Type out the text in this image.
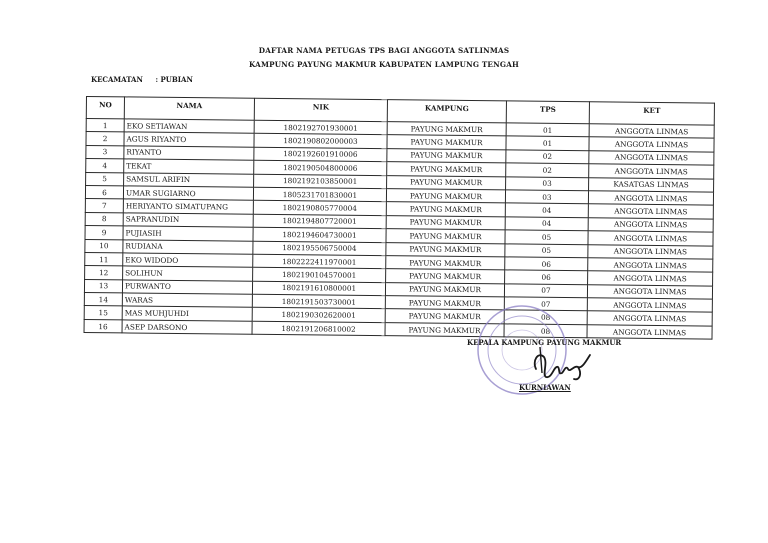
DAFTAR NAMA PETUGAS TPS BAGI ANGGOTA SATLINMAS
KAMPUNG PAYUNG MAKMUR KABUPATEN LAMPUNG TENGAH
KECAMATAN : PUBIAN
NO	NAMA	NIK	KAMPUNG	TPS	KET
1	EKO SETIAWAN	1802192701930001	PAYUNG MAKMUR	01	ANGGOTA LINMAS
2	AGUS RIYANTO	1802190802000003	PAYUNG MAKMUR	01	ANGGOTA LINMAS
3	RIYANTO	1802192601910006	PAYUNG MAKMUR	02	ANGGOTA LINMAS
4	TEKAT	1802190504800006	PAYUNG MAKMUR	02	ANGGOTA LINMAS
5	SAMSUL ARIFIN	1802192103850001	PAYUNG MAKMUR	03	KASATGAS LINMAS
6	UMAR SUGIARNO	1805231701830001	PAYUNG MAKMUR	03	ANGGOTA LINMAS
7	HERIYANTO SIMATUPANG	1802190805770004	PAYUNG MAKMUR	04	ANGGOTA LINMAS
8	SAPRANUDIN	1802194807720001	PAYUNG MAKMUR	04	ANGGOTA LINMAS
9	PUJIASIH	1802194604730001	PAYUNG MAKMUR	05	ANGGOTA LINMAS
10	RUDIANA	1802195506750004	PAYUNG MAKMUR	05	ANGGOTA LINMAS
11	EKO WIDODO	1802222411970001	PAYUNG MAKMUR	06	ANGGOTA LINMAS
12	SOLIHUN	1802190104570001	PAYUNG MAKMUR	06	ANGGOTA LINMAS
13	PURWANTO	1802191610800001	PAYUNG MAKMUR	07	ANGGOTA LINMAS
14	WARAS	1802191503730001	PAYUNG MAKMUR	07	ANGGOTA LINMAS
15	MAS MUHJUHDI	1802190302620001	PAYUNG MAKMUR	08	ANGGOTA LINMAS
16	ASEP DARSONO	1802191206810002	PAYUNG MAKMUR	08	ANGGOTA LINMAS
KEPALA KAMPUNG PAYUNG MAKMUR
KURNIAWAN
